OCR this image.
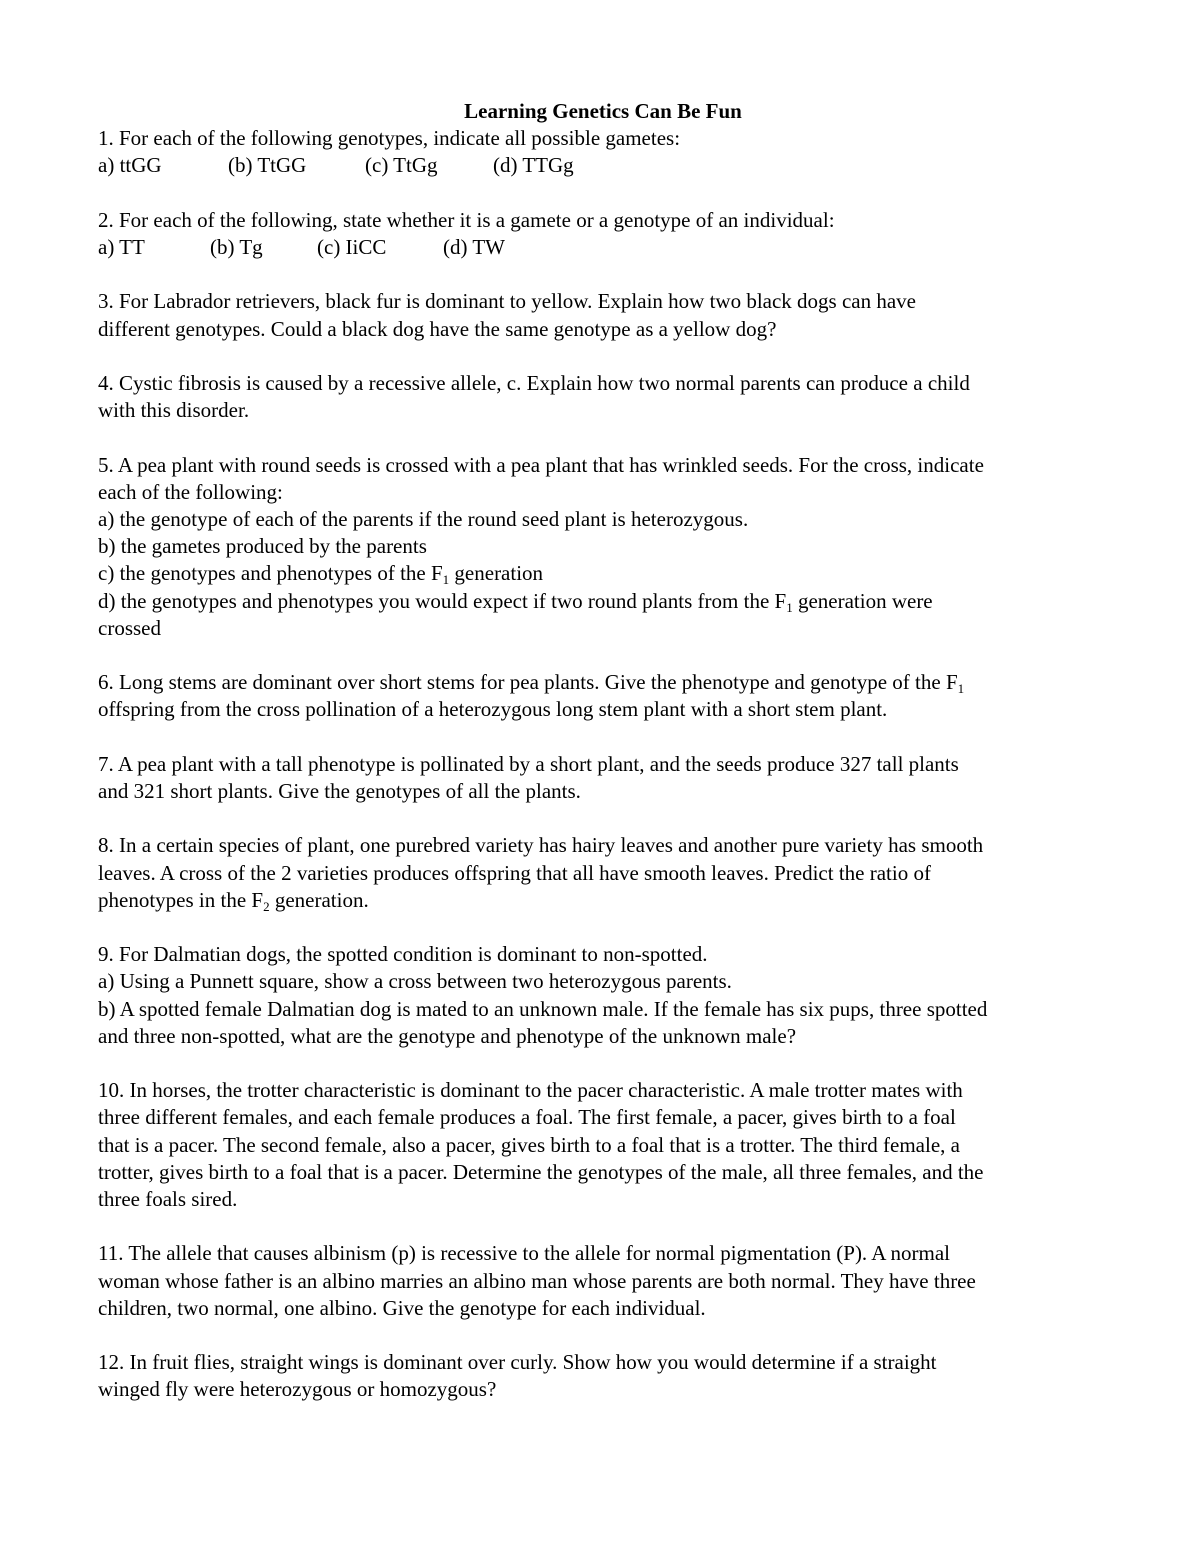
Learning Genetics Can Be Fun

1. For each of the following genotypes, indicate all possible gametes:

a) ttGG	(b) TtGG	(c) TtGg	(d) TTGg

2. For each of the following, state whether it is a gamete or a genotype of an individual:

a) TT	(b) Tg	(c) IiCC	(d) TW

3. For Labrador retrievers, black fur is dominant to yellow. Explain how two black dogs can have

different genotypes. Could a black dog have the same genotype as a yellow dog?

4. Cystic fibrosis is caused by a recessive allele, c. Explain how two normal parents can produce a child

with this disorder.

5. A pea plant with round seeds is crossed with a pea plant that has wrinkled seeds. For the cross, indicate

each of the following:

a) the genotype of each of the parents if the round seed plant is heterozygous.

b) the gametes produced by the parents

c) the genotypes and phenotypes of the $F_1$ generation

d) the genotypes and phenotypes you would expect if two round plants from the $F_1$ generation were

crossed

6. Long stems are dominant over short stems for pea plants. Give the phenotype and genotype of the $F_1$

offspring from the cross pollination of a heterozygous long stem plant with a short stem plant.

7. A pea plant with a tall phenotype is pollinated by a short plant, and the seeds produce 327 tall plants

and 321 short plants. Give the genotypes of all the plants.

8. In a certain species of plant, one purebred variety has hairy leaves and another pure variety has smooth

leaves. A cross of the 2 varieties produces offspring that all have smooth leaves. Predict the ratio of

phenotypes in the $F_2$ generation.

9. For Dalmatian dogs, the spotted condition is dominant to non-spotted.

a) Using a Punnett square, show a cross between two heterozygous parents.

b) A spotted female Dalmatian dog is mated to an unknown male. If the female has six pups, three spotted

and three non-spotted, what are the genotype and phenotype of the unknown male?

10. In horses, the trotter characteristic is dominant to the pacer characteristic. A male trotter mates with

three different females, and each female produces a foal. The first female, a pacer, gives birth to a foal

that is a pacer. The second female, also a pacer, gives birth to a foal that is a trotter. The third female, a

trotter, gives birth to a foal that is a pacer. Determine the genotypes of the male, all three females, and the

three foals sired.

11. The allele that causes albinism (p) is recessive to the allele for normal pigmentation (P). A normal

woman whose father is an albino marries an albino man whose parents are both normal. They have three

children, two normal, one albino. Give the genotype for each individual.

12. In fruit flies, straight wings is dominant over curly. Show how you would determine if a straight

winged fly were heterozygous or homozygous?
